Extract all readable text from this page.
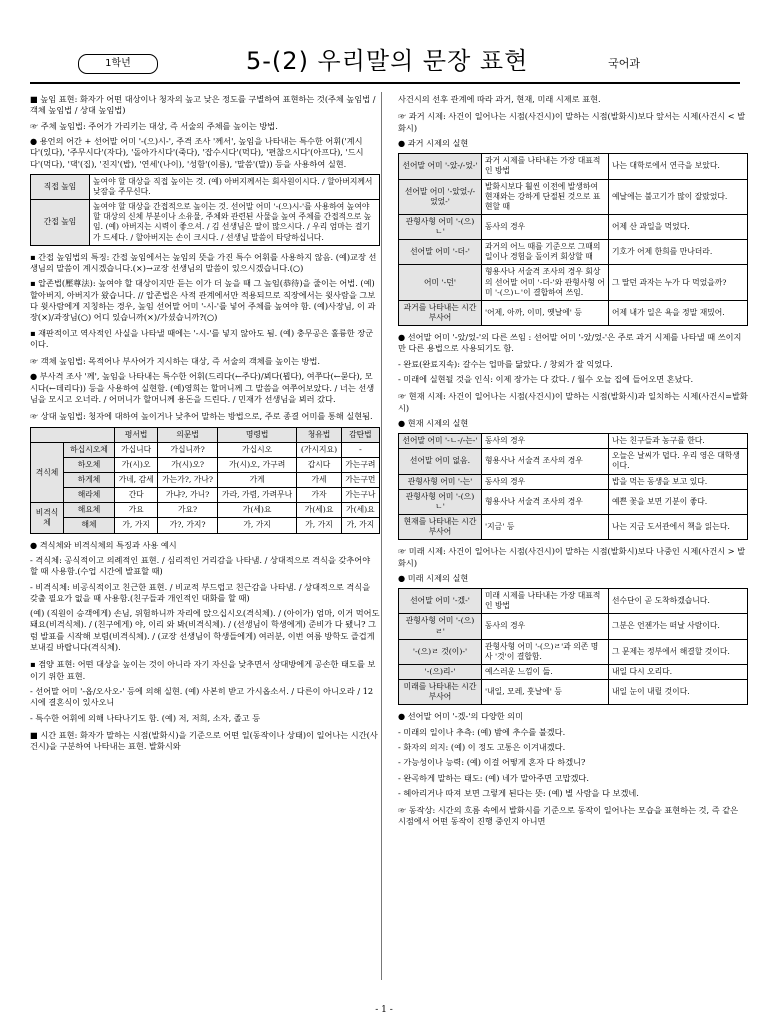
1학년	5-(2) 우리말의 문장 표현	국어과

■ 높임 표현: 화자가 어떤 대상이나 청자의 높고 낮은 정도를 구별하여 표현하는 것(주체 높임법 / 객체 높임법 / 상대 높임법)

☞ 주체 높임법: 주어가 가리키는 대상, 즉 서술의 주체를 높이는 방법.

● 용언의 어간 + 선어말 어미 '-(으)시-', 주격 조사 '께서', 높임을 나타내는 특수한 어휘('계시다'(있다), '주무시다'(자다), '돌아가시다'(죽다), '잡수시다'(먹다), '편찮으시다'(아프다), '드시다'(먹다), '댁'(집), '진지'(밥), '연세'(나이), '성함'(이름), '말씀'(말)) 등을 사용하여 실현.

직접 높임	높여야 할 대상을 직접 높이는 것. (예) 아버지께서는 회사원이시다. / 할아버지께서 낮잠을 주무신다.
간접 높임	높여야 할 대상을 간접적으로 높이는 것. 선어말 어미 '-(으)시-'를 사용하여 높여야 할 대상의 신체 부분이나 소유물, 주체와 관련된 사물을 높여 주체를 간접적으로 높임. (예) 아버지는 시력이 좋으셔. / 김 선생님은 딸이 많으시다. / 우리 엄마는 걸기가 드세다. / 할아버지는 손이 크시다. / 선생님 말씀이 타당하십니다.

▪ 간접 높임법의 특징: 간접 높임에서는 높임의 뜻을 가진 특수 어휘를 사용하지 않음. (예)교장 선생님의 말씀이 계시겠습니다.(×)→교장 선생님의 말씀이 있으시겠습니다.(○)

▪ 압존법(壓尊法): 높여야 할 대상이지만 듣는 이가 더 높을 때 그 높임(恭待)을 줄이는 어법. (예) 할아버지, 아버지가 왔습니다. // 압존법은 사적 관계에서만 적용되므로 직장에서는 윗사람을 그보다 윗사람에게 지칭하는 경우, 높임 선어말 어미 '-시-'를 넣어 주체를 높여야 함. (예)사장님, 이 과장(×)/과장님(○) 어디 있습니까(×)/가셨습니까?(○)

▪ 재판적이고 역사적인 사실을 나타낼 때에는 '-시-'를 넣지 않아도 됨. (예) 충무공은 훌륭한 장군이다.

☞ 객체 높임법: 목적어나 부사어가 지시하는 대상, 즉 서술의 객체를 높이는 방법.

● 부사격 조사 '께', 높임을 나타내는 특수한 어휘(드리다(←주다)/뵈다(뵙다), 여쭈다(←묻다), 모시다(←데리다)) 등을 사용하여 실현함. (예)영희는 할머니께 그 말씀을 여쭈어보았다. / 너는 선생님을 모시고 오너라. / 어머니가 할머니께 용돈을 드린다. / 민재가 선생님을 뵈러 갔다.

☞ 상대 높임법: 청자에 대하여 높이거나 낮추어 말하는 방법으로, 주로 종결 어미를 통해 실현됨.

		평서법	의문법	명령법	청유법	감탄법
격식체	하십시오체	가십니다	가십니까?	가십시오	(가시지요)	-
	하오체	가(시)오	가(시)오?	가(시)오, 가구려	갑시다	가는구려
	하게체	가네, 감세	가는가?, 가나?	가게	가세	가는구먼
	해라체	간다	가냐?, 가니?	가라, 가렴, 가려무나	가자	가는구나
비격식체	해요체	가요	가요?	가(세)요	가(세)요	가(세)요
	해체	가, 가지	가?, 가지?	가, 가지	가, 가지	가, 가지

● 격식체와 비격식체의 특징과 사용 예시

- 격식체: 공식적이고 의례적인 표현. / 심리적인 거리감을 나타냄. / 상대적으로 격식을 갖추어야 할 때 사용함.(수업 시간에 발표할 때)

- 비격식체: 비공식적이고 친근한 표현. / 비교적 부드럽고 친근감을 나타냄. / 상대적으로 격식을 갖출 필요가 없을 때 사용함.(친구들과 개인적인 대화를 할 때)

(예) (직원이 승객에게) 손님, 위험하니까 자리에 앉으십시오(격식체). / (아이가) 엄마, 이거 먹어도 돼요(비격식체). / (친구에게) 야, 이리 와 봐(비격식체). / (선생님이 학생에게) 준비가 다 됐니? 그럼 발표를 시작해 보렴(비격식체). / (교장 선생님이 학생들에게) 여러분, 이번 여름 방학도 즐겁게 보내길 바랍니다(격식체).

▪ 겸양 표현: 어떤 대상을 높이는 것이 아니라 자기 자신을 낮추면서 상대방에게 공손한 태도를 보이기 위한 표현.

- 선어말 어미 '-옵/오사오-' 등에 의해 실현. (예) 사본히 받고 가시옵소서. / 다른이 아니오라 / 12시에 결혼식이 있사오니

- 특수한 어휘에 의해 나타나기도 함. (예) 저, 저희, 소자, 졸고 등

■ 시간 표현: 화자가 말하는 시점(발화시)을 기준으로 어떤 일(동작이나 상태)이 일어나는 시간(사건시)을 구분하여 나타내는 표현. 발화시와

사건시의 선후 관계에 따라 과거, 현재, 미래 시제로 표현.

☞ 과거 시제: 사건이 일어나는 시점(사건시)이 말하는 시점(발화시)보다 앞서는 시제(사건시 < 발화시)

● 과거 시제의 실현

선어말 어미 '-았-/-었-'	과거 시제를 나타내는 가장 대표적인 방법	나는 대학로에서 연극을 보았다.
선어말 어미 '-았었-/-었었-'	발화시보다 훨씬 이전에 발생하여 현재와는 강하게 단절된 것으로 표현할 때	예날에는 불고기가 많이 잘랐었다.
관형사형 어미 '-(으)ㄴ'	동사의 경우	어제 산 과일을 먹었다.
선어말 어미 '-더-'	과거의 어느 때를 기준으로 그때의 일이나 경험을 돌이켜 회상할 때	기호가 어제 한희를 만나더라.
어미 '-던'	형용사나 서술격 조사의 경우 회상의 선어말 어미 '-더-'와 관형사형 어미 '-(으)ㄴ'이 결합하여 쓰임.	그 딸던 과자는 누가 다 먹었을까?
과거를 나타내는 시간 부사어	'어제, 아까, 이미, 옛날에' 등	어제 내가 일은 욕을 정말 재밌어.

● 선어말 어미 '-았/었-'의 다른 쓰임 : 선어말 어미 '-았/었-'은 주로 과거 시제를 나타낼 때 쓰이지만 다른 용법으로 사용되기도 함.

- 완료(완료지속): 갈수는 업마를 닮았다. / 창외가 잘 익었다.

- 미래에 실현될 것을 인식: 이제 장가는 다 갔다. / 월수 오늘 집에 들어오면 혼났다.

☞ 현재 시제: 사건이 일어나는 시점(사건시)이 말하는 시점(발화시)과 일치하는 시제(사건시=발화시)

● 현재 시제의 실현

선어말 어미 '-ㄴ-/-는-'	동사의 경우	나는 친구들과 농구를 한다.
선어말 어미 없음.	형용사나 서술격 조사의 경우	오늘은 날씨가 덥다. 우리 영은 대학생이다.
관형사형 어미 '-는'	동사의 경우	밥을 먹는 동생을 보고 있다.
관형사형 어미 '-(으)ㄴ'	형용사나 서술격 조사의 경우	예쁜 꽃을 보면 기분이 좋다.
현재를 나타내는 시간 부사어	'지금' 등	나는 지금 도서관에서 책을 읽는다.

☞ 미래 시제: 사건이 일어나는 시점(사건시)이 말하는 시점(발화시)보다 나중인 시제(사건시 > 발화시)

● 미래 시제의 실현

선어말 어미 '-겠-'	미래 시제를 나타내는 가장 대표적인 방법	선수단이 곧 도착하겠습니다.
관형사형 어미 '-(으)ㄹ'	동사의 경우	그분은 언젠가는 떠날 사람이다.
'-(으)ㄹ 것(이)-'	관형사형 어미 '-(으)ㄹ'과 의존 명사 '것'이 결합함.	그 문제는 정부에서 해결할 것이다.
'-(으)리-'	예스러운 느낌이 듦.	내일 다시 오리다.
미래를 나타내는 시간 부사어	'내일, 모레, 훗날에' 등	내일 눈이 내릴 것이다.

● 선어말 어미 '-겠-'의 다양한 의미

- 미래의 일이나 추측: (예) 밤에 추수를 불겠다.

- 화자의 의지: (예) 이 정도 고통은 이겨내겠다.

- 가능성이나 능력: (예) 이걸 어떻게 혼자 다 하겠니?

- 완곡하게 말하는 태도: (예) 네가 말아주면 고맙겠다.

- 헤아리거나 따져 보면 그렇게 된다는 뜻: (예) 별 사람을 다 보겠네.

☞ 동작상: 시간의 흐름 속에서 발화시를 기준으로 동작이 일어나는 모습을 표현하는 것, 즉 같은 시점에서 어떤 동작이 진행 중인지 아니면

- 1 -
